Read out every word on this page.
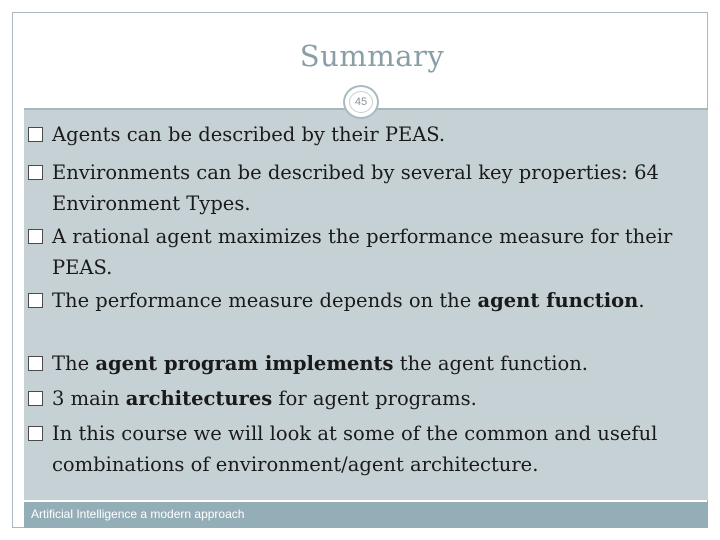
Summary
45
Agents can be described by their PEAS.
Environments can be described by several key properties: 64 Environment Types.
A rational agent maximizes the performance measure for their PEAS.
The performance measure depends on the agent function.
The agent program implements the agent function.
3 main architectures for agent programs.
In this course we will look at some of the common and useful combinations of environment/agent architecture.
Artificial Intelligence a modern approach
